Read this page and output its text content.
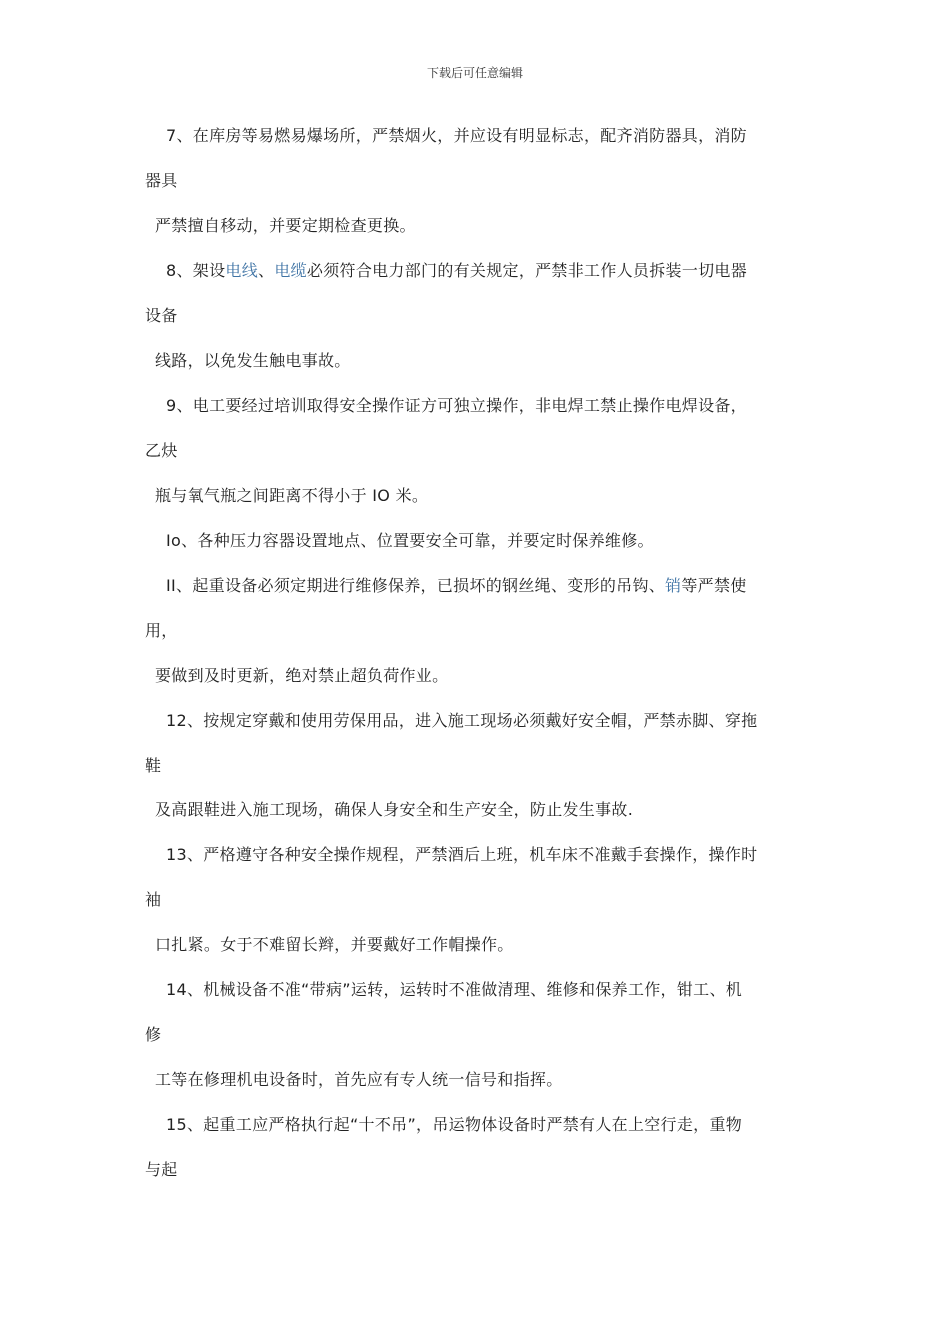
下载后可任意编辑
7、在库房等易燃易爆场所，严禁烟火，并应设有明显标志，配齐消防器具，消防
器具
严禁擅自移动，并要定期检查更换。
8、架设电线、电缆必须符合电力部门的有关规定，严禁非工作人员拆装一切电器
设备
线路，以免发生触电事故。
9、电工要经过培训取得安全操作证方可独立操作，非电焊工禁止操作电焊设备，
乙炔
瓶与氧气瓶之间距离不得小于 IO 米。
Io、各种压力容器设置地点、位置要安全可靠，并要定时保养维修。
II、起重设备必须定期进行维修保养，已损坏的钢丝绳、变形的吊钩、销等严禁使
用，
要做到及时更新，绝对禁止超负荷作业。
12、按规定穿戴和使用劳保用品，进入施工现场必须戴好安全帽，严禁赤脚、穿拖
鞋
及高跟鞋进入施工现场，确保人身安全和生产安全，防止发生事故.
13、严格遵守各种安全操作规程，严禁酒后上班，机车床不准戴手套操作，操作时
袖
口扎紧。女于不难留长辫，并要戴好工作帽操作。
14、机械设备不准“带病”运转，运转时不准做清理、维修和保养工作，钳工、机
修
工等在修理机电设备时，首先应有专人统一信号和指挥。
15、起重工应严格执行起“十不吊”，吊运物体设备时严禁有人在上空行走，重物
与起
